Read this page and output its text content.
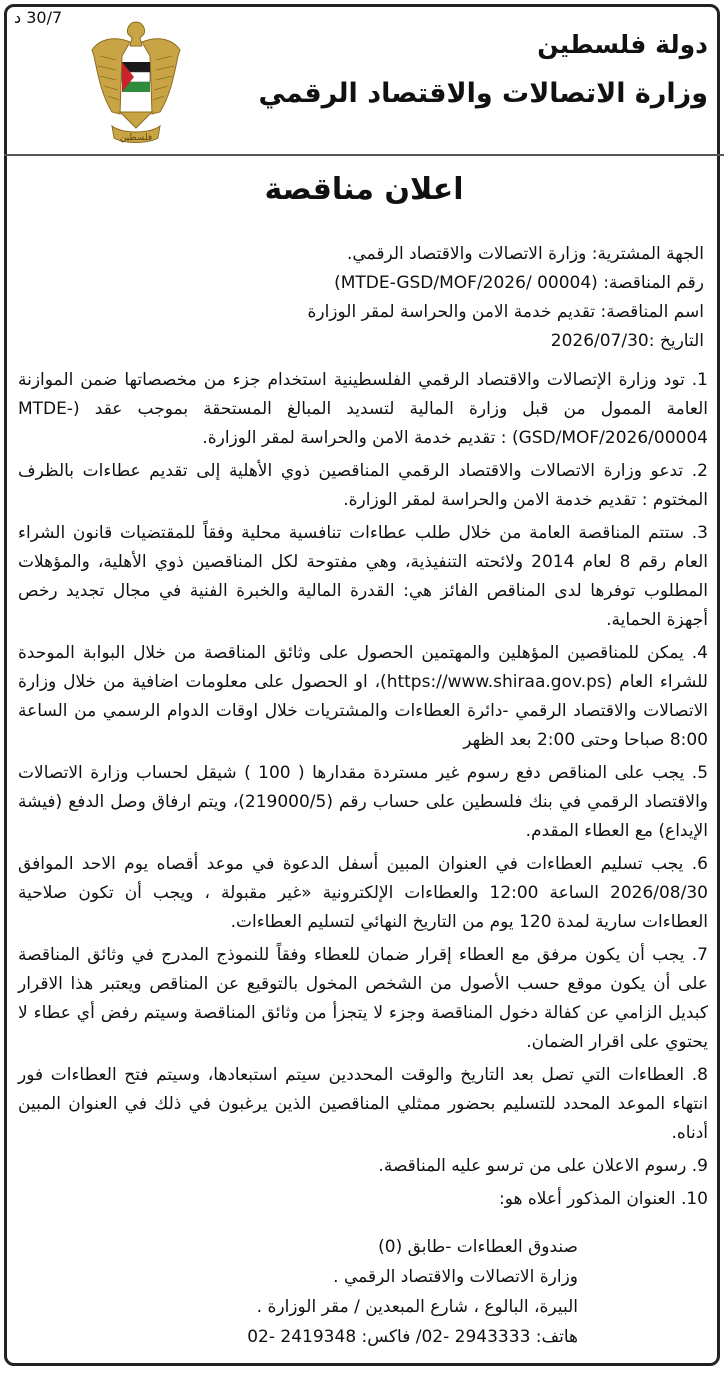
30/7 د
فلسطين
دولة فلسطين
وزارة الاتصالات والاقتصاد الرقمي
اعلان مناقصة
الجهة المشترية: وزارة الاتصالات والاقتصاد الرقمي.
رقم المناقصة: (MTDE-GSD/MOF/2026/ 00004)
اسم المناقصة: تقديم خدمة الامن والحراسة لمقر الوزارة
التاريخ :2026/07/30

1. تود وزارة الإتصالات والاقتصاد الرقمي الفلسطينية استخدام جزء من مخصصاتها ضمن الموازنة العامة الممول من قبل وزارة المالية لتسديد المبالغ المستحقة بموجب عقد (MTDE-GSD/MOF/2026/00004) : تقديم خدمة الامن والحراسة لمقر الوزارة.

2. تدعو وزارة الاتصالات والاقتصاد الرقمي المناقصين ذوي الأهلية إلى تقديم عطاءات بالظرف المختوم : تقديم خدمة الامن والحراسة لمقر الوزارة.

3. ستتم المناقصة العامة من خلال طلب عطاءات تنافسية محلية وفقاً للمقتضيات قانون الشراء العام رقم 8 لعام 2014 ولائحته التنفيذية، وهي مفتوحة لكل المناقصين ذوي الأهلية، والمؤهلات المطلوب توفرها لدى المناقص الفائز هي: القدرة المالية والخبرة الفنية في مجال تجديد رخص أجهزة الحماية.

4. يمكن للمناقصين المؤهلين والمهتمين الحصول على وثائق المناقصة من خلال البوابة الموحدة للشراء العام (https://www.shiraa.gov.ps)، او الحصول على معلومات اضافية من خلال وزارة الاتصالات والاقتصاد الرقمي -دائرة العطاءات والمشتريات خلال اوقات الدوام الرسمي من الساعة 8:00 صباحا وحتى 2:00 بعد الظهر

5. يجب على المناقص دفع رسوم غير مستردة مقدارها ( 100 ) شيقل لحساب وزارة الاتصالات والاقتصاد الرقمي في بنك فلسطين على حساب رقم (219000/5)، ويتم ارفاق وصل الدفع (فيشة الإيداع) مع العطاء المقدم.

6. يجب تسليم العطاءات في العنوان المبين أسفل الدعوة في موعد أقصاه يوم الاحد الموافق 2026/08/30 الساعة 12:00 والعطاءات الإلكترونية «غير مقبولة ، ويجب أن تكون صلاحية العطاءات سارية لمدة 120 يوم من التاريخ النهائي لتسليم العطاءات.

7. يجب أن يكون مرفق مع العطاء إقرار ضمان للعطاء وفقاً للنموذج المدرج في وثائق المناقصة على أن يكون موقع حسب الأصول من الشخص المخول بالتوقيع عن المناقص ويعتبر هذا الاقرار كبديل الزامي عن كفالة دخول المناقصة وجزء لا يتجزأ من وثائق المناقصة وسيتم رفض أي عطاء لا يحتوي على اقرار الضمان.

8. العطاءات التي تصل بعد التاريخ والوقت المحددين سيتم استبعادها، وسيتم فتح العطاءات فور انتهاء الموعد المحدد للتسليم بحضور ممثلي المناقصين الذين يرغبون في ذلك في العنوان المبين أدناه.

9. رسوم الاعلان على من ترسو عليه المناقصة.

10. العنوان المذكور أعلاه هو:

صندوق العطاءات -طابق (0)
وزارة الاتصالات والاقتصاد الرقمي .
البيرة، البالوع ، شارع المبعدين / مقر الوزارة .
هاتف: 2943333 -02/ فاكس: 2419348 -02
